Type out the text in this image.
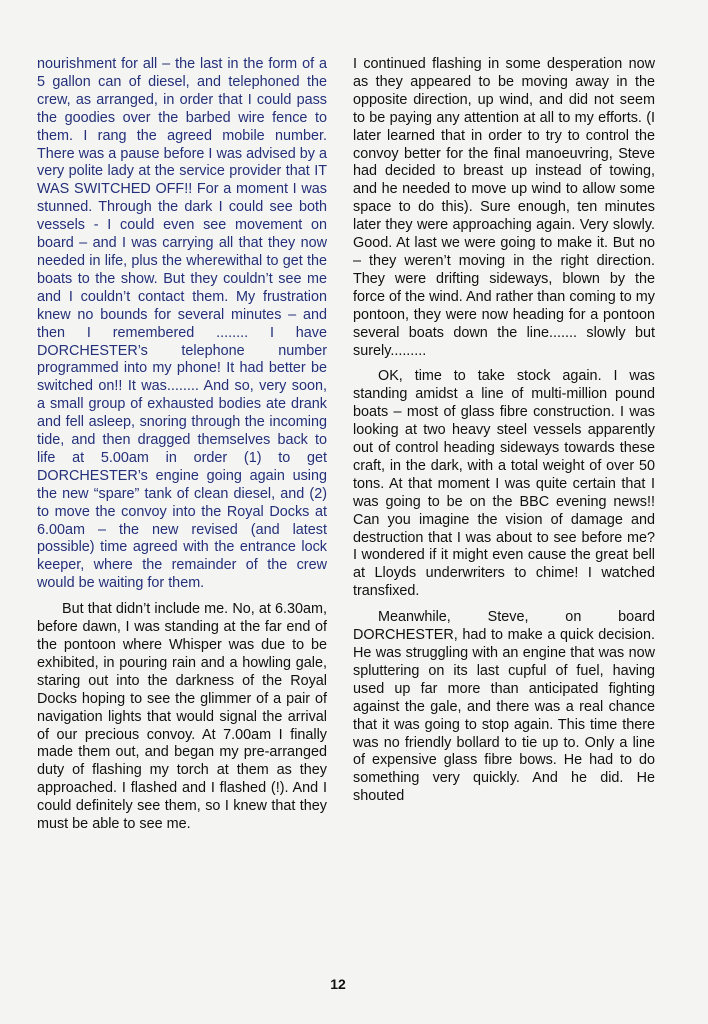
nourishment for all – the last in the form of a 5 gallon can of diesel, and telephoned the crew, as arranged, in order that I could pass the goodies over the barbed wire fence to them. I rang the agreed mobile number. There was a pause before I was advised by a very polite lady at the service provider that IT WAS SWITCHED OFF!! For a moment I was stunned. Through the dark I could see both vessels - I could even see movement on board – and I was carrying all that they now needed in life, plus the wherewithal to get the boats to the show. But they couldn’t see me and I couldn’t contact them. My frustration knew no bounds for several minutes – and then I remembered ........ I have DORCHESTER’s telephone number programmed into my phone! It had better be switched on!! It was........ And so, very soon, a small group of exhausted bodies ate drank and fell asleep, snoring through the incoming tide, and then dragged themselves back to life at 5.00am in order (1) to get DORCHESTER’s engine going again using the new “spare” tank of clean diesel, and (2) to move the convoy into the Royal Docks at 6.00am – the new revised (and latest possible) time agreed with the entrance lock keeper, where the remainder of the crew would be waiting for them.

But that didn’t include me. No, at 6.30am, before dawn, I was standing at the far end of the pontoon where Whisper was due to be exhibited, in pouring rain and a howling gale, staring out into the darkness of the Royal Docks hoping to see the glimmer of a pair of navigation lights that would signal the arrival of our precious convoy. At 7.00am I finally made them out, and began my pre-arranged duty of flashing my torch at them as they approached. I flashed and I flashed (!). And I could definitely see them, so I knew that they must be able to see me.

I continued flashing in some desperation now as they appeared to be moving away in the opposite direction, up wind, and did not seem to be paying any attention at all to my efforts. (I later learned that in order to try to control the convoy better for the final manoeuvring, Steve had decided to breast up instead of towing, and he needed to move up wind to allow some space to do this). Sure enough, ten minutes later they were approaching again. Very slowly. Good. At last we were going to make it. But no – they weren’t moving in the right direction. They were drifting sideways, blown by the force of the wind. And rather than coming to my pontoon, they were now heading for a pontoon several boats down the line....... slowly but surely.........

OK, time to take stock again. I was standing amidst a line of multi-million pound boats – most of glass fibre construction. I was looking at two heavy steel vessels apparently out of control heading sideways towards these craft, in the dark, with a total weight of over 50 tons. At that moment I was quite certain that I was going to be on the BBC evening news!! Can you imagine the vision of damage and destruction that I was about to see before me? I wondered if it might even cause the great bell at Lloyds underwriters to chime! I watched transfixed.

Meanwhile, Steve, on board DORCHESTER, had to make a quick decision. He was struggling with an engine that was now spluttering on its last cupful of fuel, having used up far more than anticipated fighting against the gale, and there was a real chance that it was going to stop again. This time there was no friendly bollard to tie up to. Only a line of expensive glass fibre bows. He had to do something very quickly. And he did. He shouted

12
